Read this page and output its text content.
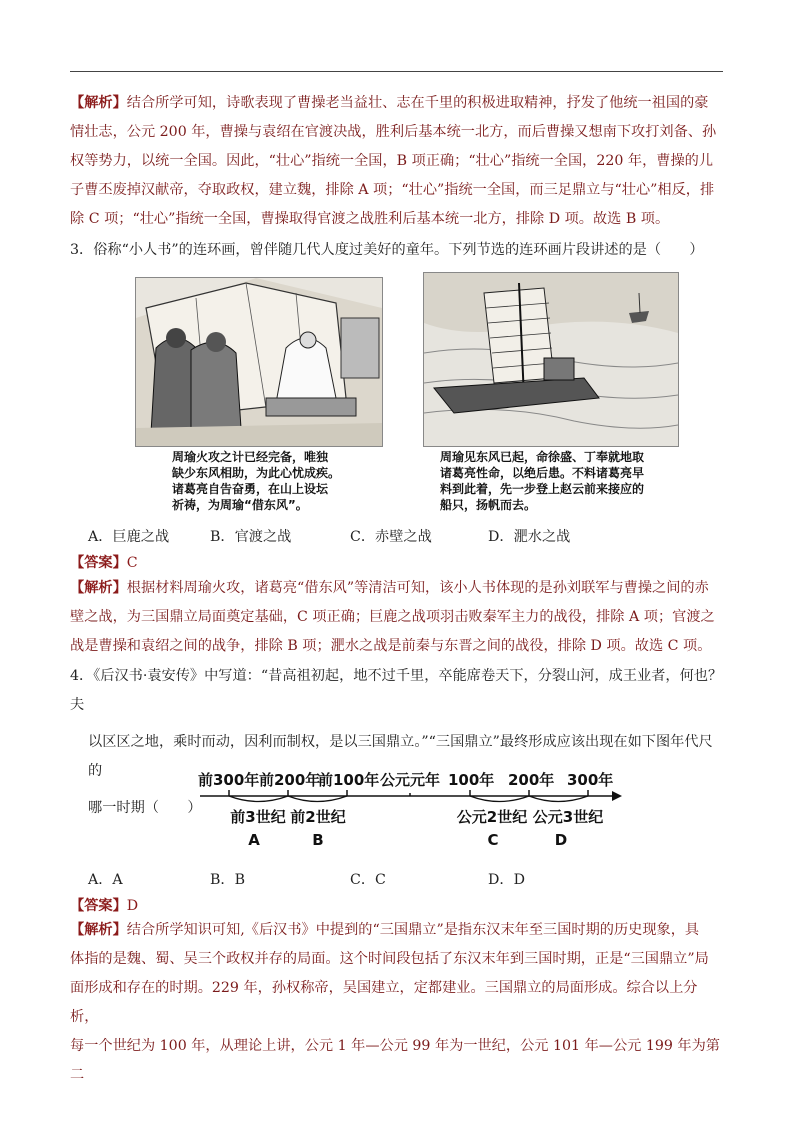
【解析】结合所学可知，诗歌表现了曹操老当益壮、志在千里的积极进取精神，抒发了他统一祖国的豪
情壮志，公元 200 年，曹操与袁绍在官渡决战，胜利后基本统一北方，而后曹操又想南下攻打刘备、孙
权等势力，以统一全国。因此，“壮心”指统一全国，B 项正确；“壮心”指统一全国，220 年，曹操的儿
子曹丕废掉汉献帝，夺取政权，建立魏，排除 A 项；“壮心”指统一全国，而三足鼎立与“壮心”相反，排
除 C 项；“壮心”指统一全国，曹操取得官渡之战胜利后基本统一北方，排除 D 项。故选 B 项。
3．俗称“小人书”的连环画，曾伴随几代人度过美好的童年。下列节选的连环画片段讲述的是（　　）
周瑜火攻之计已经完备，唯独
缺少东风相助，为此心忧成疾。
诸葛亮自告奋勇，在山上设坛
祈祷，为周瑜“借东风”。
周瑜见东风已起，命徐盛、丁奉就地取
诸葛亮性命，以绝后患。不料诸葛亮早
料到此着，先一步登上赵云前来接应的
船只，扬帆而去。
A．巨鹿之战	B．官渡之战	C．赤壁之战	D．淝水之战
【答案】C
【解析】根据材料周瑜火攻，诸葛亮“借东风”等清洁可知，该小人书体现的是孙刘联军与曹操之间的赤
壁之战，为三国鼎立局面奠定基础，C 项正确；巨鹿之战项羽击败秦军主力的战役，排除 A 项；官渡之
战是曹操和袁绍之间的战争，排除 B 项；淝水之战是前秦与东晋之间的战役，排除 D 项。故选 C 项。
4．《后汉书·袁安传》中写道：“昔高祖初起，地不过千里，卒能席卷天下，分裂山河，成王业者，何也？夫
以区区之地，乘时而动，因利而制权，是以三国鼎立。”“三国鼎立”最终形成应该出现在如下图年代尺的
哪一时期（　　）
前300年 前200年
前100年 公元元年 100年 200年 300年
前3世纪 前2世纪	公元2世纪 公元3世纪
A	B	C	D
A．A	B．B	C．C	D．D
【答案】D
【解析】结合所学知识可知,《后汉书》中提到的“三国鼎立”是指东汉末年至三国时期的历史现象，具
体指的是魏、蜀、吴三个政权并存的局面。这个时间段包括了东汉末年到三国时期，正是“三国鼎立”局
面形成和存在的时期。229 年，孙权称帝，吴国建立，定都建业。三国鼎立的局面形成。综合以上分析，
每一个世纪为 100 年，从理论上讲，公元 1 年—公元 99 年为一世纪，公元 101 年—公元 199 年为第二
